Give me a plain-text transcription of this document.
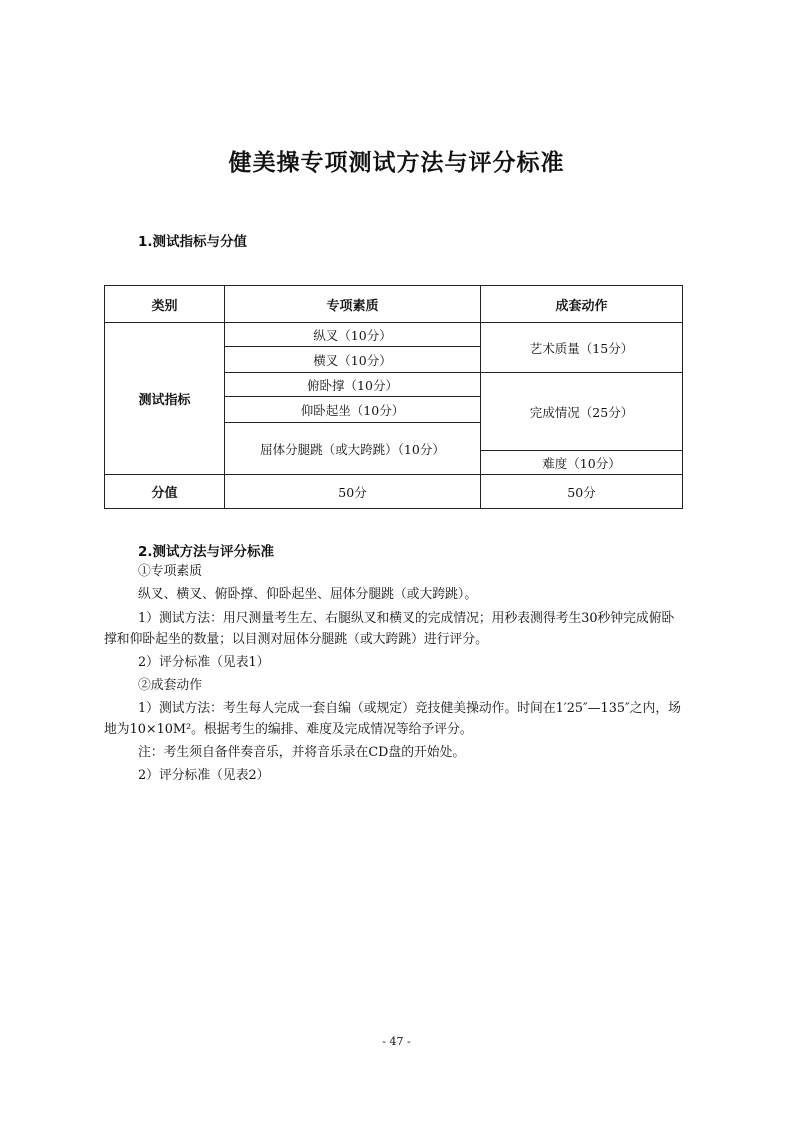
健美操专项测试方法与评分标准
1.测试指标与分值
类别	专项素质	成套动作
测试指标	纵叉（10分）	艺术质量（15分）
	横叉（10分）	
	俯卧撑（10分）	完成情况（25分）
	仰卧起坐（10分）	
	屈体分腿跳（或大跨跳）（10分）	
		难度（10分）
分值	50分	50分
2.测试方法与评分标准
①专项素质
纵叉、横叉、俯卧撑、仰卧起坐、屈体分腿跳（或大跨跳）。
1）测试方法：用尺测量考生左、右腿纵叉和横叉的完成情况；用秒表测得考生30秒钟完成俯卧撑和仰卧起坐的数量；以目测对屈体分腿跳（或大跨跳）进行评分。
2）评分标准（见表1）
②成套动作
1）测试方法：考生每人完成一套自编（或规定）竞技健美操动作。时间在1′25″—135″之内，场地为10×10M²。根据考生的编排、难度及完成情况等给予评分。
注：考生须自备伴奏音乐，并将音乐录在CD盘的开始处。
2）评分标准（见表2）
- 47 -
